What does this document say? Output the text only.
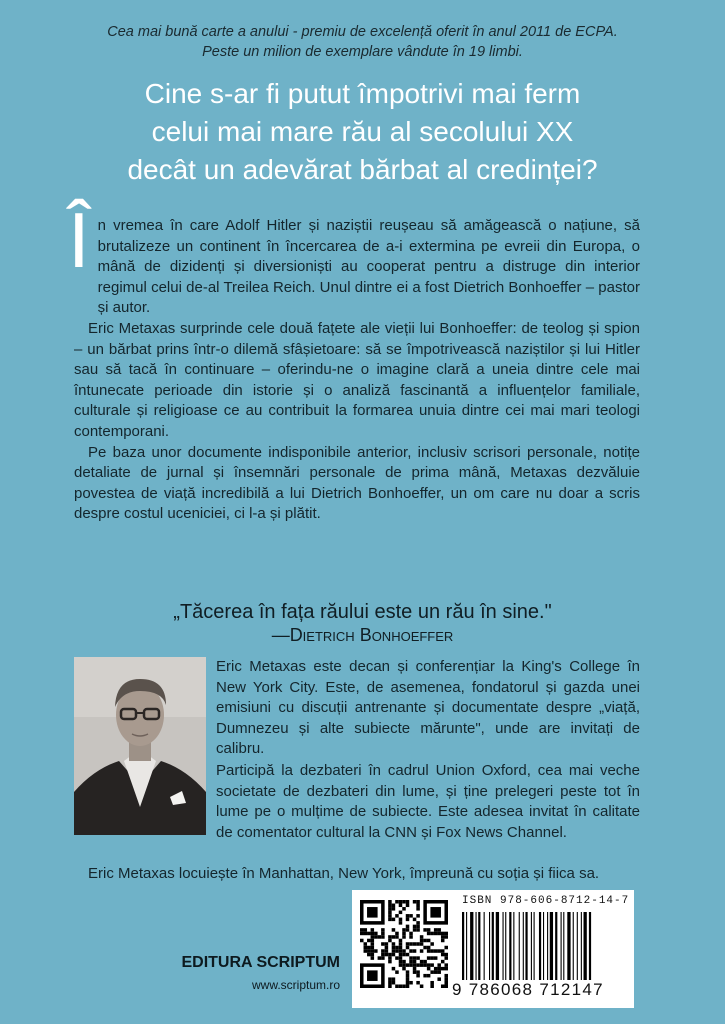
Cea mai bună carte a anului - premiu de excelență oferit în anul 2011 de ECPA.
Peste un milion de exemplare vândute în 19 limbi.
Cine s-ar fi putut împotrivi mai ferm
celui mai mare rău al secolului XX
decât un adevărat bărbat al credinței?
Î n vremea în care Adolf Hitler și naziștii reușeau să amăgească o națiune, să brutalizeze un continent în încercarea de a-i extermina pe evreii din Europa, o mână de dizidenți și diversioniști au cooperat pentru a distruge din interior regimul celui de-al Treilea Reich. Unul dintre ei a fost Dietrich Bonhoeffer – pastor și autor.

Eric Metaxas surprinde cele două fațete ale vieții lui Bonhoeffer: de teolog și spion – un bărbat prins într-o dilemă sfâșietoare: să se împotrivească naziștilor și lui Hitler sau să tacă în continuare – oferindu-ne o imagine clară a uneia dintre cele mai întunecate perioade din istorie și o analiză fascinantă a influențelor familiale, culturale și religioase ce au contribuit la formarea unuia dintre cei mai mari teologi contemporani.

Pe baza unor documente indisponibile anterior, inclusiv scrisori personale, notițe detaliate de jurnal și însemnări personale de prima mână, Metaxas dezvăluie povestea de viață incredibilă a lui Dietrich Bonhoeffer, un om care nu doar a scris despre costul uceniciei, ci l-a și plătit.

„Tăcerea în fața răului este un rău în sine."
—Dietrich Bonhoeffer

Eric Metaxas este decan și conferențiar la King's College în New York City. Este, de asemenea, fondatorul și gazda unei emisiuni cu discuții antrenante și documentate despre „viață, Dumnezeu și alte subiecte mărunte", unde are invitați de calibru.

Participă la dezbateri în cadrul Union Oxford, cea mai veche societate de dezbateri din lume, și ține prelegeri peste tot în lume pe o mulțime de subiecte. Este adesea invitat în calitate de comentator cultural la CNN și Fox News Channel.

Eric Metaxas locuiește în Manhattan, New York, împreună cu soția și fiica sa.

EDITURA SCRIPTUM
www.scriptum.ro
ISBN 978-606-8712-14-7
9 786068 712147
